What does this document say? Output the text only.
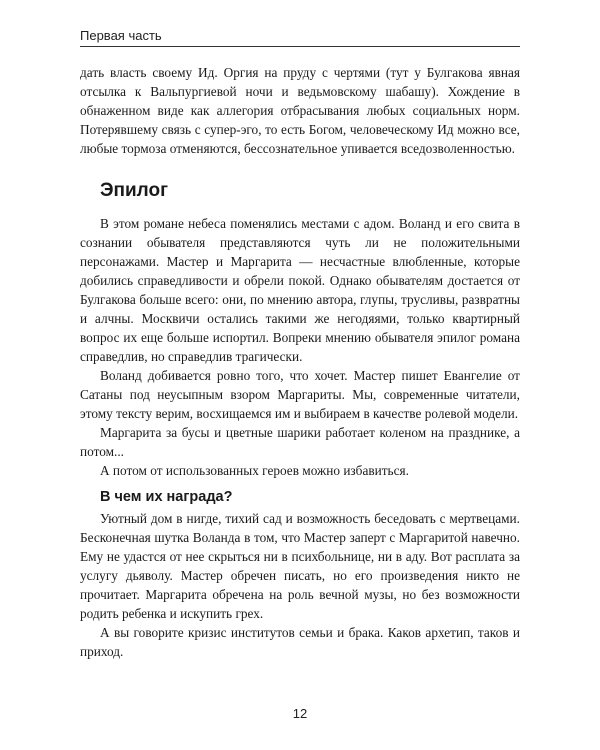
Первая часть

дать власть своему Ид. Оргия на пруду с чертями (тут у Булгакова явная отсылка к Вальпургиевой ночи и ведьмовскому шабашу). Хождение в обнаженном виде как аллегория отбрасывания любых социальных норм. Потерявшему связь с супер-эго, то есть Богом, человеческому Ид можно все, любые тормоза отменяются, бессознательное упивается вседозволенностью.

Эпилог

В этом романе небеса поменялись местами с адом. Воланд и его свита в сознании обывателя представляются чуть ли не положительными персонажами. Мастер и Маргарита — несчастные влюбленные, которые добились справедливости и обрели покой. Однако обывателям достается от Булгакова больше всего: они, по мнению автора, глупы, трусливы, развратны и алчны. Москвичи остались такими же негодяями, только квартирный вопрос их еще больше испортил. Вопреки мнению обывателя эпилог романа справедлив, но справедлив трагически.

Воланд добивается ровно того, что хочет. Мастер пишет Евангелие от Сатаны под неусыпным взором Маргариты. Мы, современные читатели, этому тексту верим, восхищаемся им и выбираем в качестве ролевой модели.

Маргарита за бусы и цветные шарики работает коленом на празднике, а потом...

А потом от использованных героев можно избавиться.

В чем их награда?

Уютный дом в нигде, тихий сад и возможность беседовать с мертвецами. Бесконечная шутка Воланда в том, что Мастер заперт с Маргаритой навечно. Ему не удастся от нее скрыться ни в психбольнице, ни в аду. Вот расплата за услугу дьяволу. Мастер обречен писать, но его произведения никто не прочитает. Маргарита обречена на роль вечной музы, но без возможности родить ребенка и искупить грех.

А вы говорите кризис институтов семьи и брака. Каков архетип, таков и приход.

12
